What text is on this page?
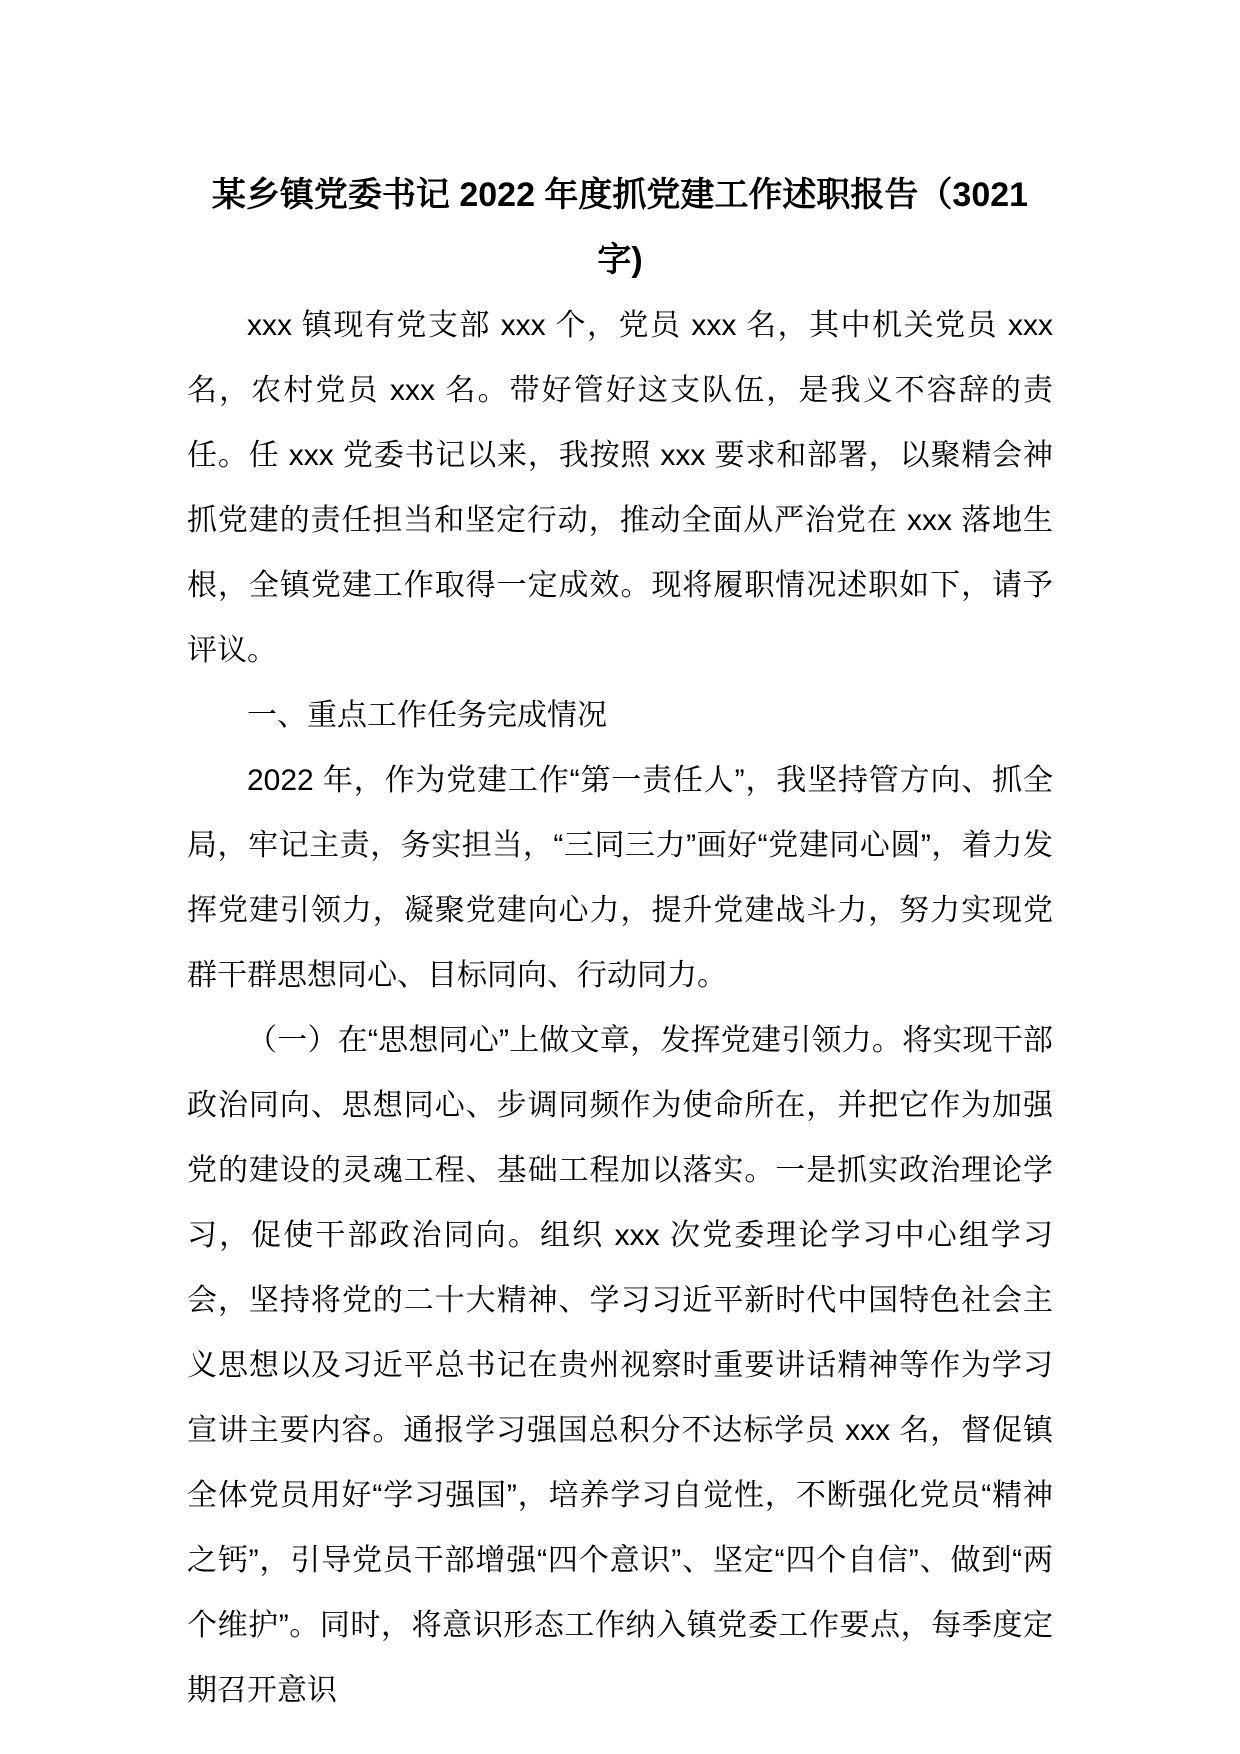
某乡镇党委书记 2022 年度抓党建工作述职报告（3021
字)

xxx 镇现有党支部 xxx 个，党员 xxx 名，其中机关党员 xxx 名，农村党员 xxx 名。带好管好这支队伍，是我义不容辞的责任。任 xxx 党委书记以来，我按照 xxx 要求和部署，以聚精会神抓党建的责任担当和坚定行动，推动全面从严治党在 xxx 落地生根，全镇党建工作取得一定成效。现将履职情况述职如下，请予评议。

一、重点工作任务完成情况

2022 年，作为党建工作“第一责任人”，我坚持管方向、抓全局，牢记主责，务实担当，“三同三力”画好“党建同心圆”，着力发挥党建引领力，凝聚党建向心力，提升党建战斗力，努力实现党群干群思想同心、目标同向、行动同力。

（一）在“思想同心”上做文章，发挥党建引领力。将实现干部政治同向、思想同心、步调同频作为使命所在，并把它作为加强党的建设的灵魂工程、基础工程加以落实。一是抓实政治理论学习，促使干部政治同向。组织 xxx 次党委理论学习中心组学习会，坚持将党的二十大精神、学习习近平新时代中国特色社会主义思想以及习近平总书记在贵州视察时重要讲话精神等作为学习宣讲主要内容。通报学习强国总积分不达标学员 xxx 名，督促镇全体党员用好“学习强国”，培养学习自觉性，不断强化党员“精神之钙”，引导党员干部增强“四个意识”、坚定“四个自信”、做到“两个维护”。同时，将意识形态工作纳入镇党委工作要点，每季度定期召开意识
